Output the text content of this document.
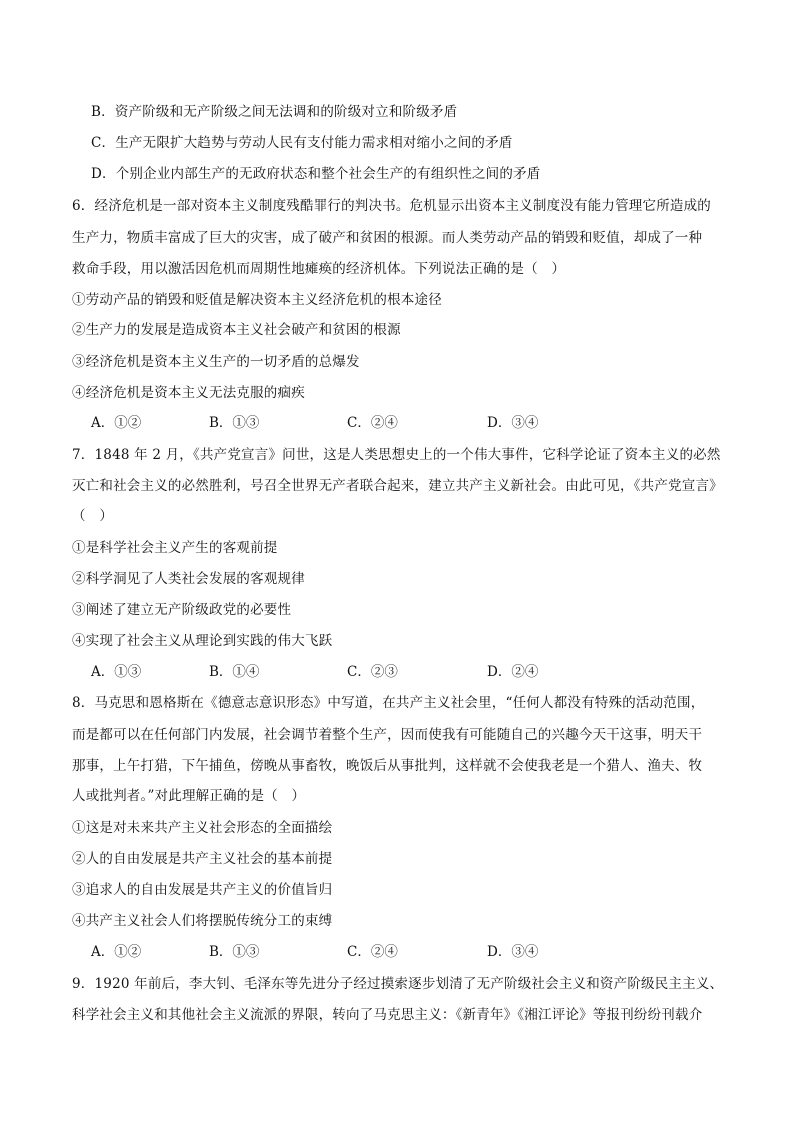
B．资产阶级和无产阶级之间无法调和的阶级对立和阶级矛盾
C．生产无限扩大趋势与劳动人民有支付能力需求相对缩小之间的矛盾
D．个别企业内部生产的无政府状态和整个社会生产的有组织性之间的矛盾
6．经济危机是一部对资本主义制度残酷罪行的判决书。危机显示出资本主义制度没有能力管理它所造成的
生产力，物质丰富成了巨大的灾害，成了破产和贫困的根源。而人类劳动产品的销毁和贬值，却成了一种
救命手段，用以激活因危机而周期性地瘫痪的经济机体。下列说法正确的是（　）
①劳动产品的销毁和贬值是解决资本主义经济危机的根本途径
②生产力的发展是造成资本主义社会破产和贫困的根源
③经济危机是资本主义生产的一切矛盾的总爆发
④经济危机是资本主义无法克服的痼疾
A．①②	B．①③	C．②④	D．③④
7．1848 年 2 月，《共产党宣言》问世，这是人类思想史上的一个伟大事件，它科学论证了资本主义的必然
灭亡和社会主义的必然胜利，号召全世界无产者联合起来，建立共产主义新社会。由此可见，《共产党宣言》
（　）
①是科学社会主义产生的客观前提
②科学洞见了人类社会发展的客观规律
③阐述了建立无产阶级政党的必要性
④实现了社会主义从理论到实践的伟大飞跃
A．①③	B．①④	C．②③	D．②④
8．马克思和恩格斯在《德意志意识形态》中写道，在共产主义社会里，“任何人都没有特殊的活动范围，
而是都可以在任何部门内发展，社会调节着整个生产，因而使我有可能随自己的兴趣今天干这事，明天干
那事，上午打猎，下午捕鱼，傍晚从事畜牧，晚饭后从事批判，这样就不会使我老是一个猎人、渔夫、牧
人或批判者。”对此理解正确的是（　）
①这是对未来共产主义社会形态的全面描绘
②人的自由发展是共产主义社会的基本前提
③追求人的自由发展是共产主义的价值旨归
④共产主义社会人们将摆脱传统分工的束缚
A．①②	B．①③	C．②④	D．③④
9．1920 年前后，李大钊、毛泽东等先进分子经过摸索逐步划清了无产阶级社会主义和资产阶级民主主义、
科学社会主义和其他社会主义流派的界限，转向了马克思主义：《新青年》《湘江评论》等报刊纷纷刊载介
